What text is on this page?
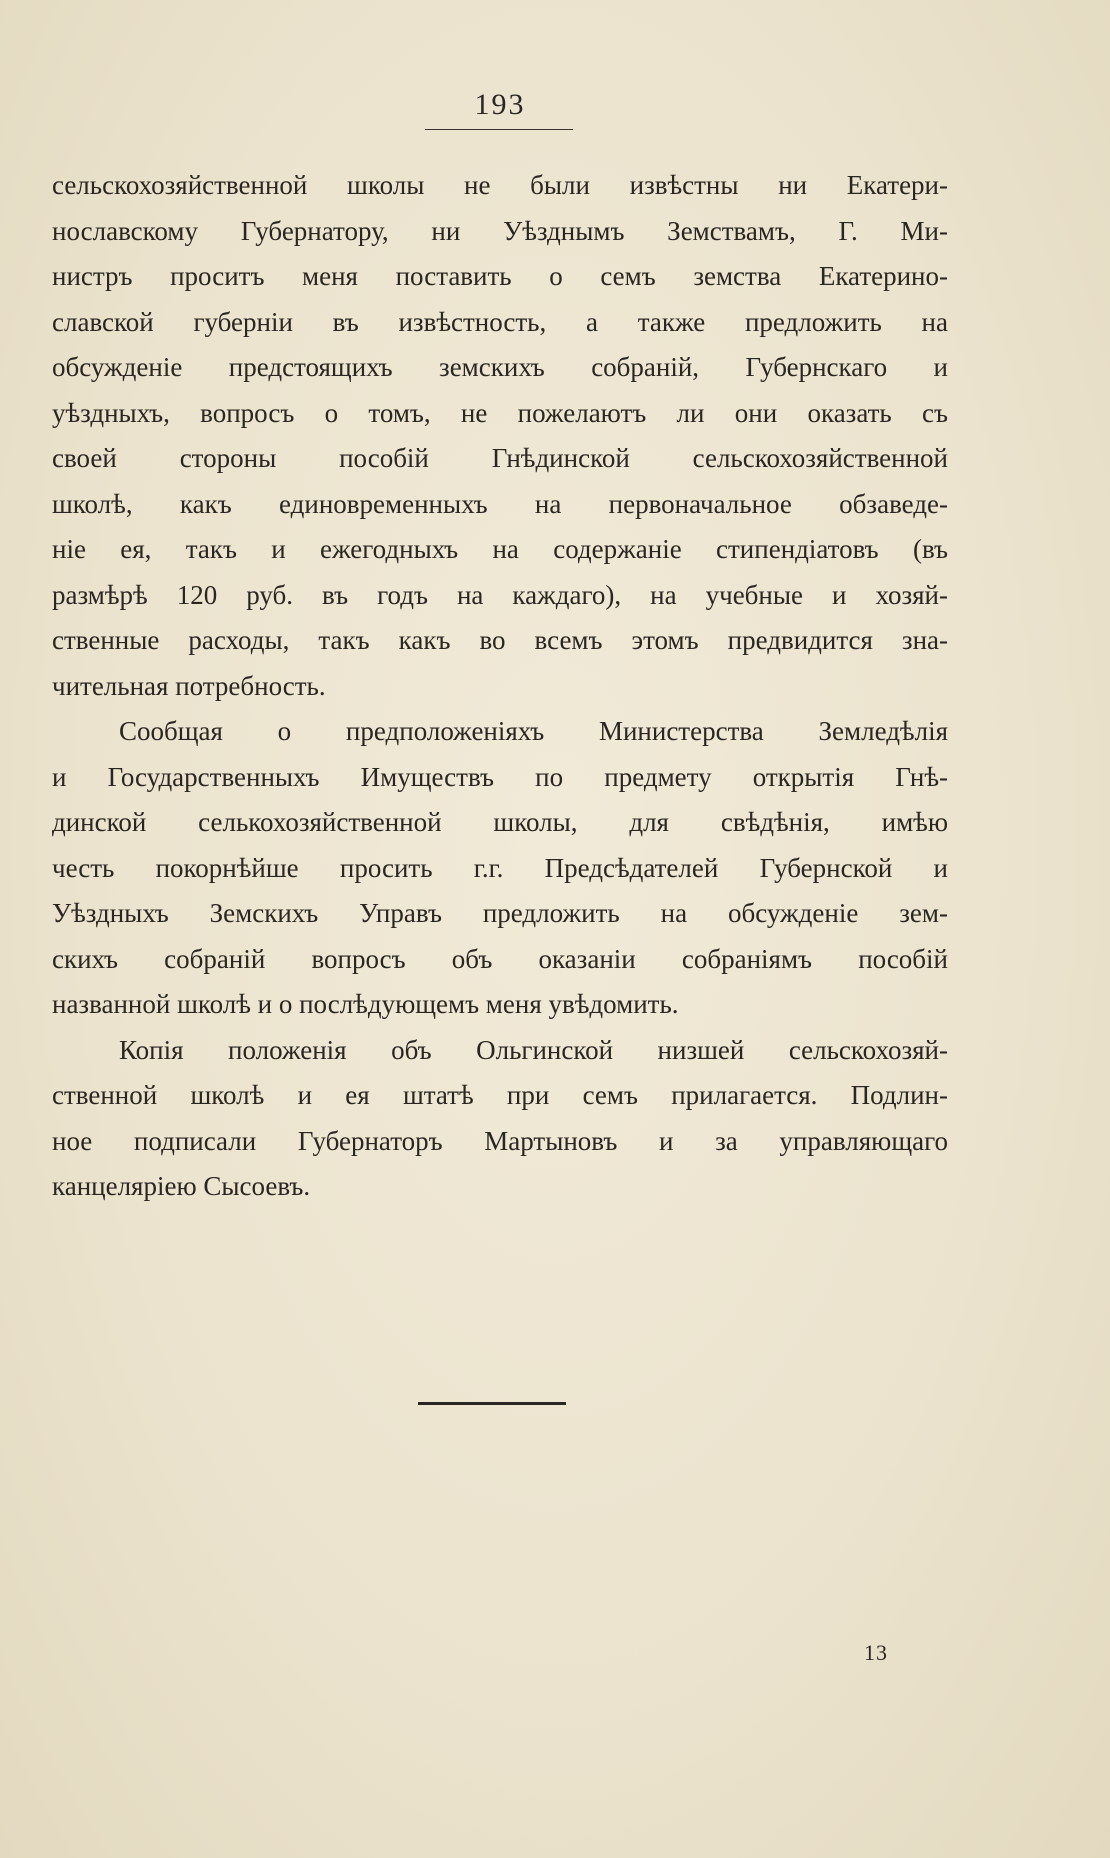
193
сельскохозяйственной школы не были извѣстны ни Екатери-
нославскому Губернатору, ни Уѣзднымъ Земствамъ, Г. Ми-
нистръ проситъ меня поставить о семъ земства Екатерино-
славской губерніи въ извѣстность, а также предложить на
обсужденіе предстоящихъ земскихъ собраній, Губернскаго и
уѣздныхъ, вопросъ о томъ, не пожелаютъ ли они оказать съ
своей стороны пособій Гнѣдинской сельскохозяйственной
школѣ, какъ единовременныхъ на первоначальное обзаведе-
ніе ея, такъ и ежегодныхъ на содержаніе стипендіатовъ (въ
размѣрѣ 120 руб. въ годъ на каждаго), на учебные и хозяй-
ственные расходы, такъ какъ во всемъ этомъ предвидится зна-
чительная потребность.
Сообщая о предположеніяхъ Министерства Земледѣлія
и Государственныхъ Имуществъ по предмету открытія Гнѣ-
динской селькохозяйственной школы, для свѣдѣнія, имѣю
честь покорнѣйше просить г.г. Предсѣдателей Губернской и
Уѣздныхъ Земскихъ Управъ предложить на обсужденіе зем-
скихъ собраній вопросъ объ оказаніи собраніямъ пособій
названной школѣ и о послѣдующемъ меня увѣдомить.
Копія положенія объ Ольгинской низшей сельскохозяй-
ственной школѣ и ея штатѣ при семъ прилагается. Подлин-
ное подписали Губернаторъ Мартыновъ и за управляющаго
канцеляріею Сысоевъ.
13
